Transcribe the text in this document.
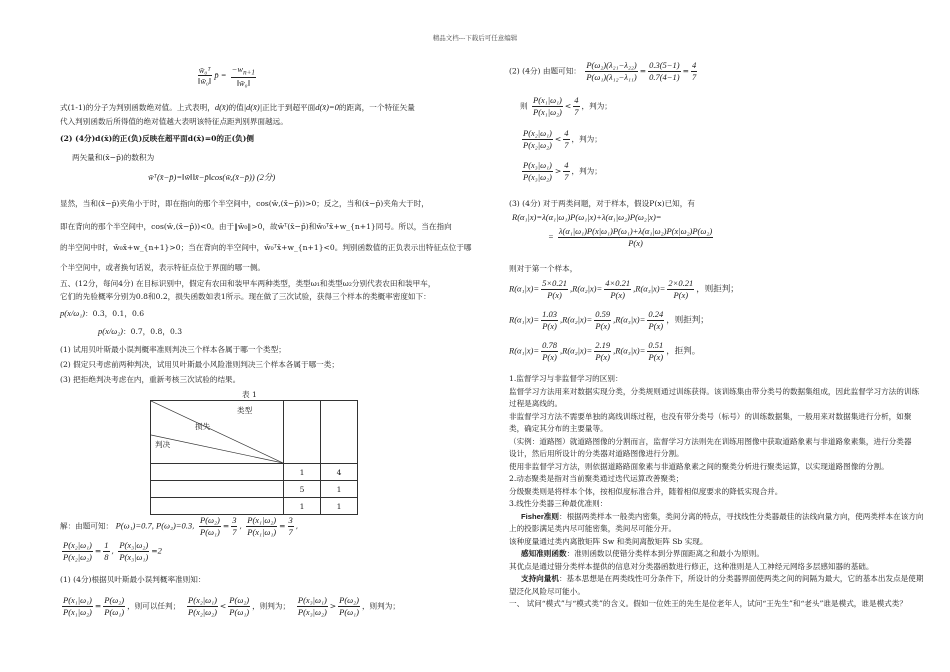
精品文档---下载后可任意编辑
$\frac{\text{w̄₀ᵀ}}{\text{‖w̄₀‖}}$ p̄ = $\frac{-w_{n+1}}{\text{‖w̄₀‖}}$
式(1-1)的分子为判别函数绝对值。上式表明，d(x̄)的值|d(x̄)|正比于到超平面d(x̄)=0的距离，一个特征矢量
代入判别函数后所得值的绝对值越大表明该特征点距判别界面越远。
(2) (4分)d(x̄)的正(负)反映在超平面d(x̄)=0的正(负)侧
两矢量和(x̄−p̄)的数积为
w̄ᵀ(x̄−p̄)=‖w̄‖‖x̄−p̄‖cos(w̄,(x̄−p̄)) (2分)
显然，当和(x̄−p̄)夹角小于时，即在指向的那个半空间中，cos(w̄,(x̄−p̄))>0；反之，当和(x̄−p̄)夹角大于时，
即在背向的那个半空间中，cos(w̄,(x̄−p̄))<0。由于‖w̄₀‖>0，故w̄ᵀ(x̄−p̄)和w̄₀ᵀx̄+w_{n+1}同号。所以，当在指向
的半空间中时，w̄₀x̄+w_{n+1}>0；当在背向的半空间中，w̄₀ᵀx̄+w_{n+1}<0。判别函数值的正负表示出特征点位于哪
个半空间中，或者换句话说，表示特征点位于界面的哪一侧。
五、(12分，每问4分) 在目标识别中，假定有农田和装甲车两种类型，类型ω₁和类型ω₂分别代表农田和装甲车，
它们的先验概率分别为0.8和0.2，损失函数如表1所示。现在做了三次试验，获得三个样本的类概率密度如下：
p(x/ω₁)：0.3，0.1，0.6
p(x/ω₂)：0.7，0.8，0.3
(1) 试用贝叶斯最小误判概率准则判决三个样本各属于哪一个类型；
(2) 假定只考虑前两种判决，试用贝叶斯最小风险准则判决三个样本各属于哪一类；
(3) 把拒绝判决考虑在内，重新考核三次试验的结果。
表 1
类型
损失
判决		

	1	4
	5	1
	1	1
解：由题可知： P(ω₁)=0.7, P(ω₂)=0.3, $\frac{\text{P(ω₂)}}{\text{P(ω₁)}} = \frac{3}{7}$ , $\frac{\text{P(x₁|ω₂)}}{\text{P(x₁|ω₁)}} = \frac{3}{7}$ ,
$\frac{\text{P(x₂|ω₁)}}{\text{P(x₂|ω₂)}} = \frac{1}{8}$ , $\frac{\text{P(x₃|ω₂)}}{\text{P(x₃|ω₁)}} =2$
(1) (4分)根据贝叶斯最小误判概率准则知：
$\frac{\text{P(x₁|ω₁)}}{\text{P(x₁|ω₂)}} = \frac{\text{P(ω₂)}}{\text{P(ω₁)}}$ ，则可以任判； $\frac{\text{P(x₂|ω₁)}}{\text{P(x₂|ω₂)}} < \frac{\text{P(ω₂)}}{\text{P(ω₁)}}$ ，则判为； $\frac{\text{P(x₃|ω₁)}}{\text{P(x₃|ω₂)}} > \frac{\text{P(ω₂)}}{\text{P(ω₁)}}$ ，则判为；
(2) (4分) 由题可知： $\frac{\text{P(ω₂)(λ₂₁−λ₂₂)}}{\text{P(ω₁)(λ₁₂−λ₁₁)}} = \frac{0.3(5-1)}{0.7(4-1)} = \frac{4}{7}$
则 $\frac{\text{P(x₁|ω₁)}}{\text{P(x₁|ω₂)}} < \frac{4}{7}$ ，判为；
$\frac{\text{P(x₂|ω₁)}}{\text{P(x₂|ω₂)}} < \frac{4}{7}$ ，判为；
$\frac{\text{P(x₃|ω₁)}}{\text{P(x₃|ω₂)}} > \frac{4}{7}$ ，判为；
(3) (4分) 对于两类问题，对于样本，假设P(x)已知，有
R(α₁|x)=λ(α₁|ω₁)P(ω₁|x)+λ(α₁|ω₂)P(ω₂|x)=
= $\frac{\text{λ(α₁|ω₁)P(x|ω₁)P(ω₁)+λ(α₁|ω₂)P(x|ω₂)P(ω₂)}}{P(x)}$
则对于第一个样本，
$R(\alpha_1|x)= \frac{5\times 0.21}{P(x)} ,R(\alpha_2|x)= \frac{4\times 0.21}{P(x)} ,R(\alpha_3|x)= \frac{2\times 0.21}{P(x)}$ ，则拒判；
$R(\alpha_1|x)= \frac{1.03}{P(x)} ,R(\alpha_2|x)= \frac{0.59}{P(x)} ,R(\alpha_3|x)= \frac{0.24}{P(x)}$ ，则拒判；
$R(\alpha_1|x)= \frac{0.78}{P(x)} ,R(\alpha_2|x)= \frac{2.19}{P(x)} ,R(\alpha_3|x)= \frac{0.51}{P(x)}$ ，拒判。
1.监督学习与非监督学习的区别：
监督学习方法用来对数据实现分类，分类规则通过训练获得。该训练集由带分类号的数据集组成，因此监督学习方法的训练
过程是离线的。
非监督学习方法不需要单独的离线训练过程，也没有带分类号（标号）的训练数据集，一般用来对数据集进行分析，如聚
类，确定其分布的主要量等。
（实例：道路图）就道路图像的分割而言，监督学习方法则先在训练用图像中获取道路象素与非道路象素集，进行分类器
设计，然后用所设计的分类器对道路图像进行分割。
使用非监督学习方法，则依据道路路面象素与非道路象素之间的聚类分析进行聚类运算，以实现道路图像的分割。
2.动态聚类是指对当前聚类通过迭代运算改善聚类；
分级聚类则是将样本个体，按相似度标准合并，随着相似度要求的降低实现合并。
3.线性分类器三种最优准则：
Fisher准则：根据两类样本一般类内密集，类间分离的特点，寻找线性分类器最佳的法线向量方向，使两类样本在该方向
上的投影满足类内尽可能密集，类间尽可能分开。
该种度量通过类内离散矩阵 Sw 和类间离散矩阵 Sb 实现。
感知准则函数：准则函数以使错分类样本到分界面距离之和最小为原则。
其优点是通过错分类样本提供的信息对分类器函数进行修正，这种准则是人工神经元网络多层感知器的基础。
支持向量机：基本思想是在两类线性可分条件下，所设计的分类器界面使两类之间的间隔为最大，它的基本出发点是使期
望泛化风险尽可能小。
一、 试问“模式”与“模式类”的含义。假如一位姓王的先生是位老年人，试问“王先生”和“老头”谁是模式，谁是模式类？
